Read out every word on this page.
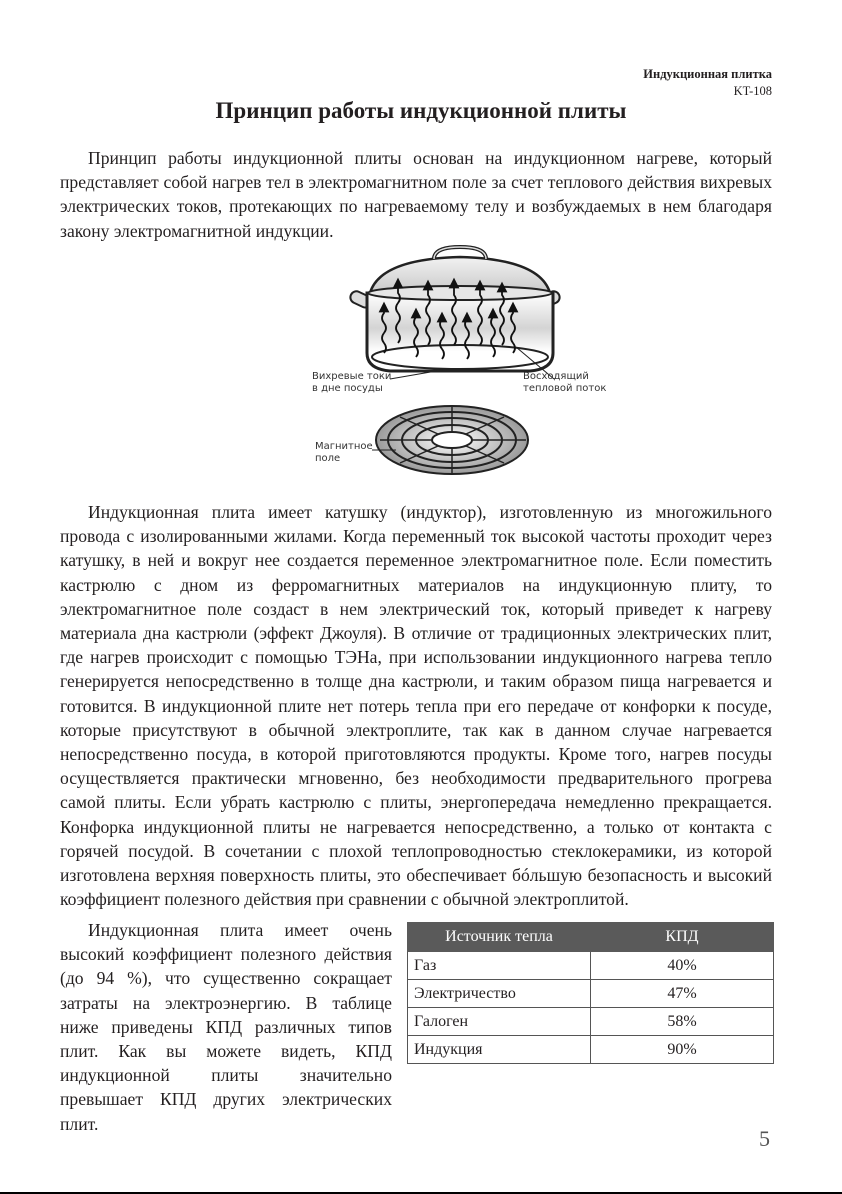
Индукционная плитка
KT-108
Принцип работы индукционной плиты

Принцип работы индукционной плиты основан на индукционном нагреве, который представляет собой нагрев тел в электромагнитном поле за счет теплового действия вихревых электрических токов, протекающих по нагреваемому телу и возбуждаемых в нем благодаря закону электромагнитной индукции.

Вихревые токи
в дне посуды
Восходящий
тепловой поток
Магнитное
поле

Индукционная плита имеет катушку (индуктор), изготовленную из многожильного провода с изолированными жилами. Когда переменный ток высокой частоты проходит через катушку, в ней и вокруг нее создается переменное электромагнитное поле. Если поместить кастрюлю с дном из ферромагнитных материалов на индукционную плиту, то электромагнитное поле создаст в нем электрический ток, который приведет к нагреву материала дна кастрюли (эффект Джоуля). В отличие от традиционных электрических плит, где нагрев происходит с помощью ТЭНа, при использовании индукционного нагрева тепло генерируется непосредственно в толще дна кастрюли, и таким образом пища нагревается и готовится. В индукционной плите нет потерь тепла при его передаче от конфорки к посуде, которые присутствуют в обычной электроплите, так как в данном случае нагревается непосредственно посуда, в которой приготовляются продукты. Кроме того, нагрев посуды осуществляется практически мгновенно, без необходимости предварительного прогрева самой плиты. Если убрать кастрюлю с плиты, энергопередача немедленно прекращается. Конфорка индукционной плиты не нагревается непосредственно, а только от контакта с горячей посудой. В сочетании с плохой теплопроводностью стеклокерамики, из которой изготовлена верхняя поверхность плиты, это обеспечивает бóльшую безопасность и высокий коэффициент полезного действия при сравнении с обычной электроплитой.

Индукционная плита имеет очень высокий коэффициент полезного действия (до 94 %), что существенно сокращает затраты на электроэнергию. В таблице ниже приведены КПД различных типов плит. Как вы можете видеть, КПД индукционной плиты значительно превышает КПД других электрических плит.

Источник тепла	КПД
Газ	40%
Электричество	47%
Галоген	58%
Индукция	90%
5
